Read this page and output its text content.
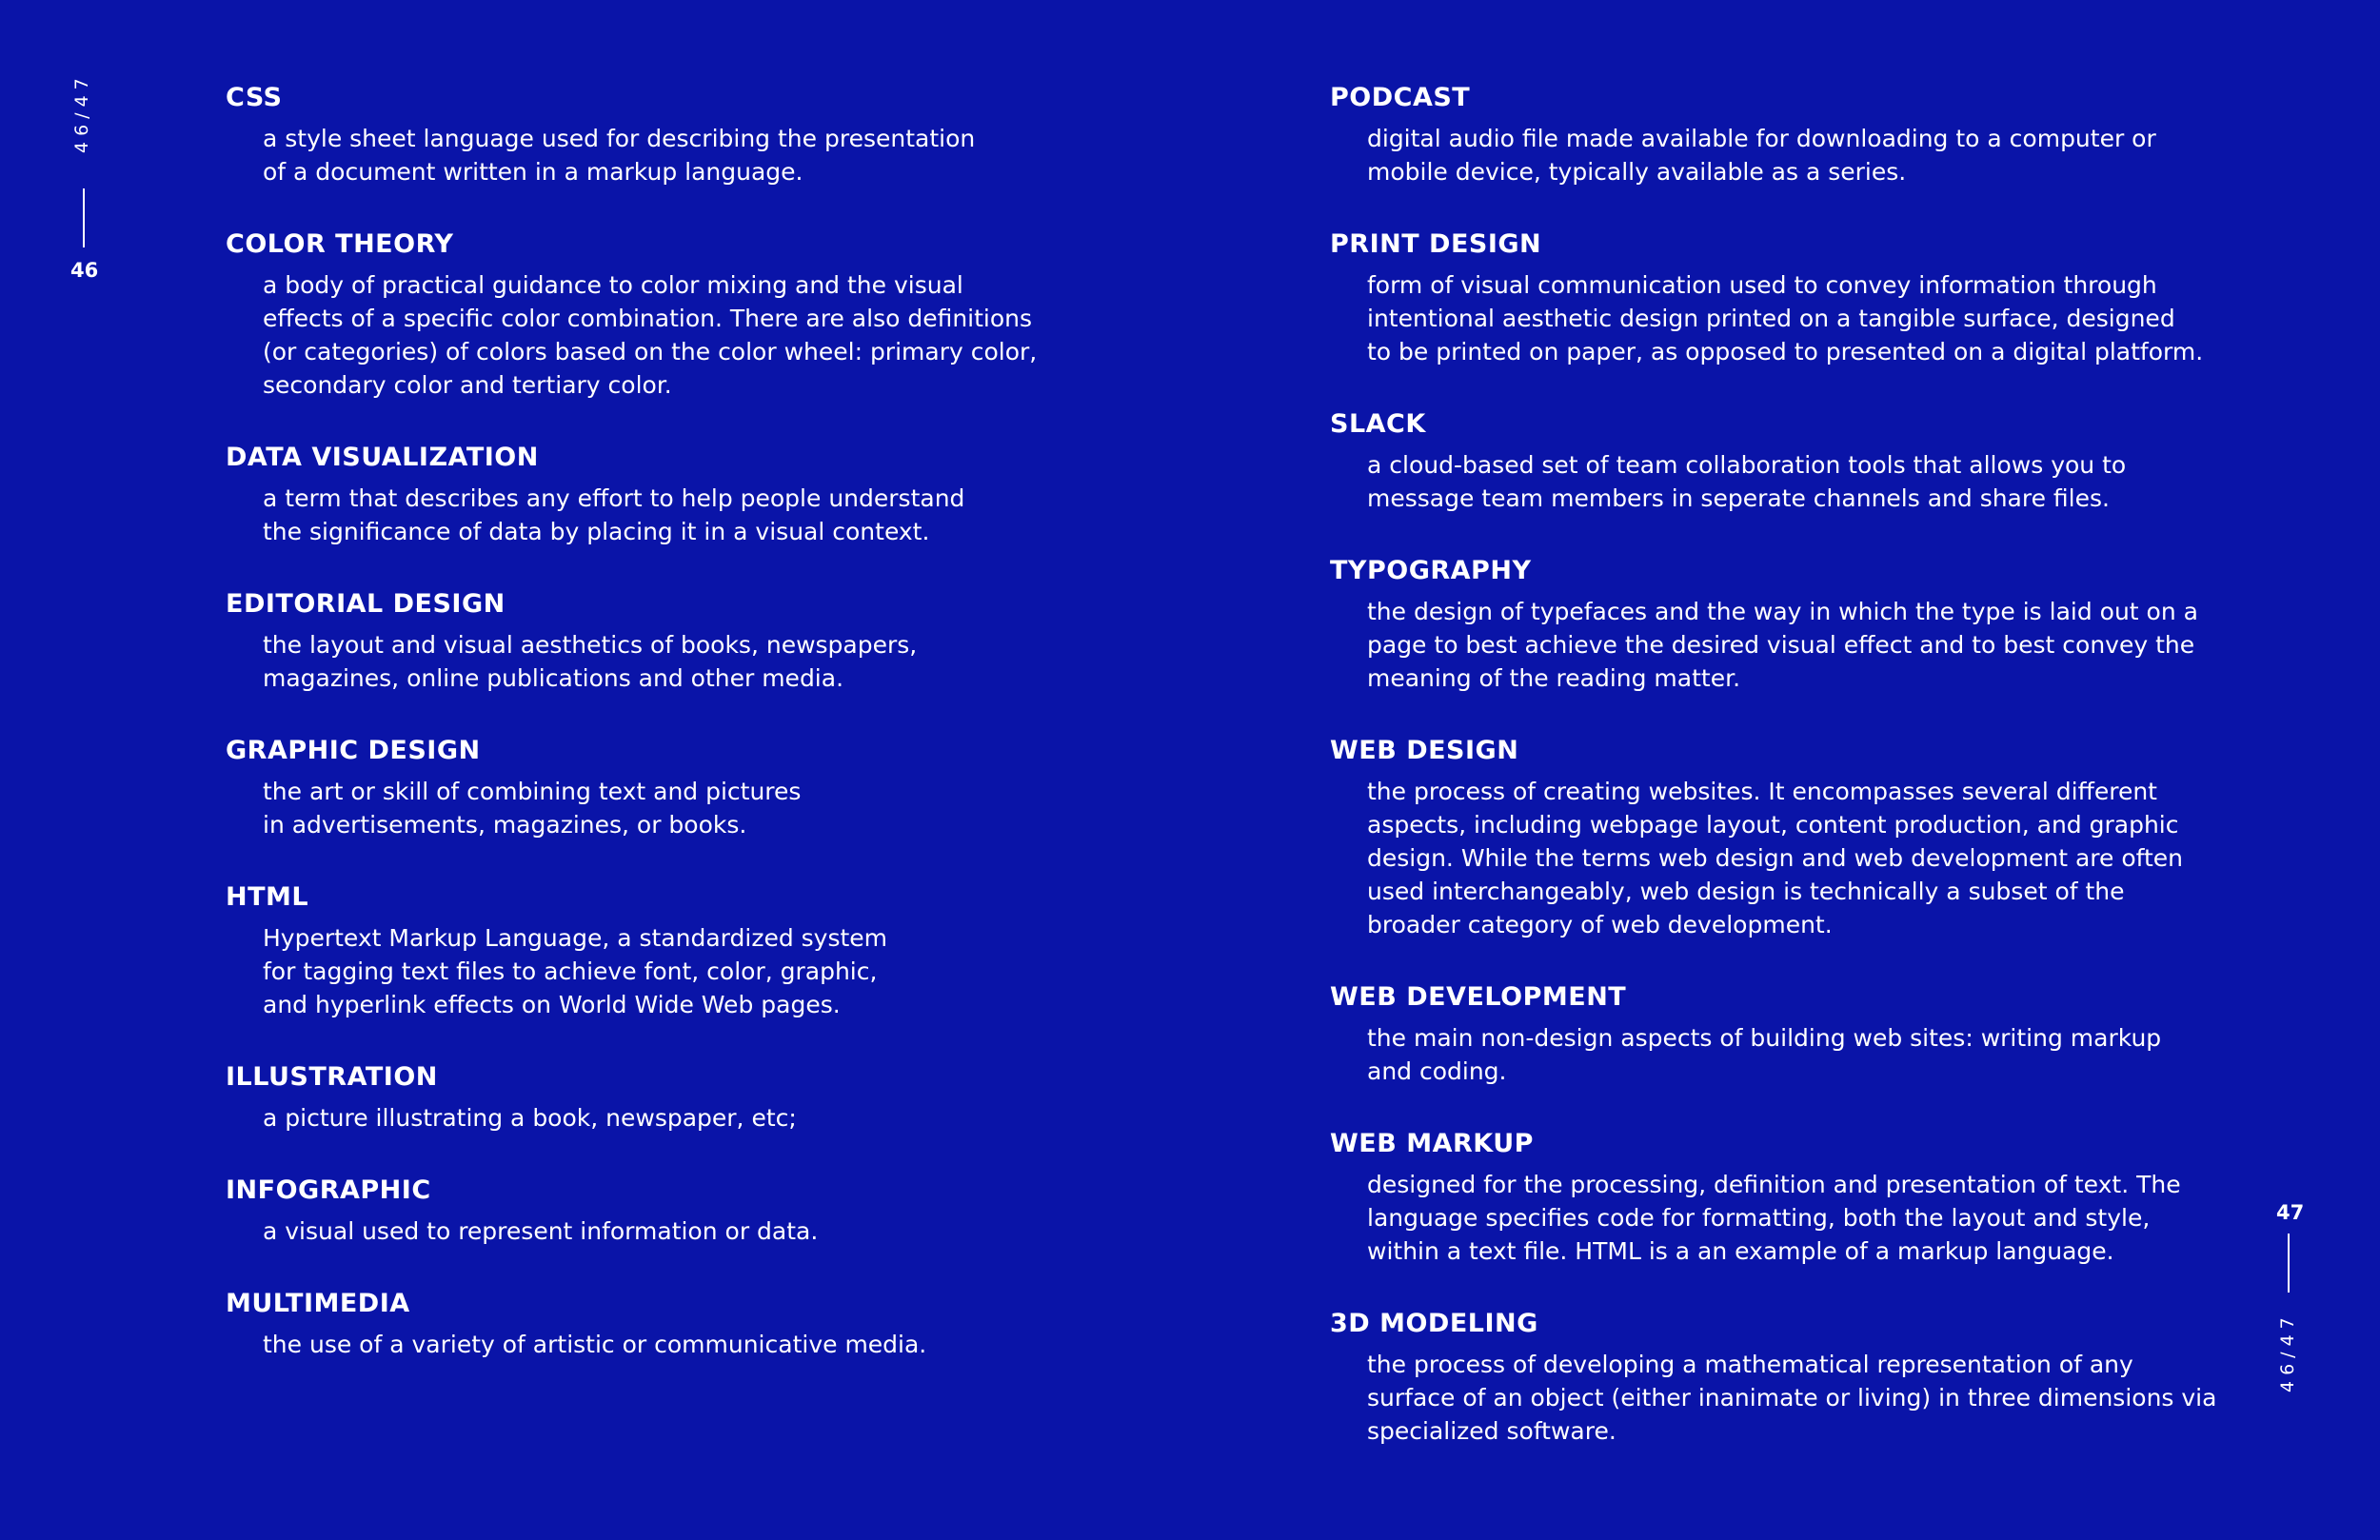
46/47
46
47
46/47
CSS
a style sheet language used for describing the presentation
of a document written in a markup language.
COLOR THEORY
a body of practical guidance to color mixing and the visual
effects of a specific color combination. There are also definitions
(or categories) of colors based on the color wheel: primary color,
secondary color and tertiary color.
DATA VISUALIZATION
a term that describes any effort to help people understand
the significance of data by placing it in a visual context.
EDITORIAL DESIGN
the layout and visual aesthetics of books, newspapers,
magazines, online publications and other media.
GRAPHIC DESIGN
the art or skill of combining text and pictures
in advertisements, magazines, or books.
HTML
Hypertext Markup Language, a standardized system
for tagging text files to achieve font, color, graphic,
and hyperlink effects on World Wide Web pages.
ILLUSTRATION
a picture illustrating a book, newspaper, etc;
INFOGRAPHIC
a visual used to represent information or data.
MULTIMEDIA
the use of a variety of artistic or communicative media.
PODCAST
digital audio file made available for downloading to a computer or
mobile device, typically available as a series.
PRINT DESIGN
form of visual communication used to convey information through
intentional aesthetic design printed on a tangible surface, designed
to be printed on paper, as opposed to presented on a digital platform.
SLACK
a cloud-based set of team collaboration tools that allows you to
message team members in seperate channels and share files.
TYPOGRAPHY
the design of typefaces and the way in which the type is laid out on a
page to best achieve the desired visual effect and to best convey the
meaning of the reading matter.
WEB DESIGN
the process of creating websites. It encompasses several different
aspects, including webpage layout, content production, and graphic
design. While the terms web design and web development are often
used interchangeably, web design is technically a subset of the
broader category of web development.
WEB DEVELOPMENT
the main non-design aspects of building web sites: writing markup
and coding.
WEB MARKUP
designed for the processing, definition and presentation of text. The
language specifies code for formatting, both the layout and style,
within a text file. HTML is a an example of a markup language.
3D MODELING
the process of developing a mathematical representation of any
surface of an object (either inanimate or living) in three dimensions via
specialized software.
